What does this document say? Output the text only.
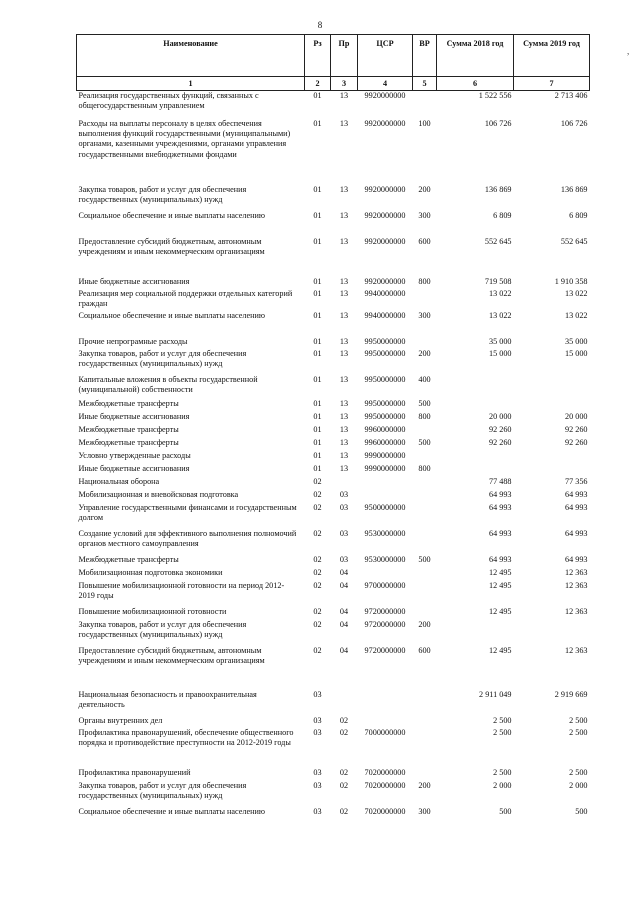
8
,
Наименование	Рз	Пр	ЦСР	ВР	Сумма 2018 год	Сумма 2019 год
1	2	3	4	5	6	7
Реализация государственных функций, связанных с общегосударственным управлением	01	13	9920000000		1 522 556	2 713 406
Расходы на выплаты персоналу в целях обеспечения выполнения функций государственными (муниципальными) органами, казенными учреждениями, органами управления государственными внебюджетными фондами	01	13	9920000000	100	106 726	106 726
Закупка товаров, работ и услуг для обеспечения государственных (муниципальных) нужд	01	13	9920000000	200	136 869	136 869
Социальное обеспечение и иные выплаты населению	01	13	9920000000	300	6 809	6 809
Предоставление субсидий бюджетным, автономным учреждениям и иным некоммерческим организациям	01	13	9920000000	600	552 645	552 645
Иные бюджетные ассигнования	01	13	9920000000	800	719 508	1 910 358
Реализация мер социальной поддержки отдельных категорий граждан	01	13	9940000000		13 022	13 022
Социальное обеспечение и иные выплаты населению	01	13	9940000000	300	13 022	13 022
Прочие непрограмные расходы	01	13	9950000000		35 000	35 000
Закупка товаров, работ и услуг для обеспечения государственных (муниципальных) нужд	01	13	9950000000	200	15 000	15 000
Капитальные вложения в объекты государственной (муниципальной) собственности	01	13	9950000000	400		
Межбюджетные трансферты	01	13	9950000000	500		
Иные бюджетные ассигнования	01	13	9950000000	800	20 000	20 000
Межбюджетные трансферты	01	13	9960000000		92 260	92 260
Межбюджетные трансферты	01	13	9960000000	500	92 260	92 260
Условно утвержденные расходы	01	13	9990000000			
Иные бюджетные ассигнования	01	13	9990000000	800		
Национальная оборона	02				77 488	77 356
Мобилизационная и вневойсковая подготовка	02	03			64 993	64 993
Управление государственными финансами и государственным долгом	02	03	9500000000		64 993	64 993
Создание условий для эффективного выполнения полномочий органов местного самоуправления	02	03	9530000000		64 993	64 993
Межбюджетные трансферты	02	03	9530000000	500	64 993	64 993
Мобилизационная подготовка экономики	02	04			12 495	12 363
Повышение мобилизационной готовности на период 2012-2019 годы	02	04	9700000000		12 495	12 363
Повышение мобилизационной готовности	02	04	9720000000		12 495	12 363
Закупка товаров, работ и услуг для обеспечения государственных (муниципальных) нужд	02	04	9720000000	200		
Предоставление субсидий бюджетным, автономным учреждениям и иным некоммерческим организациям	02	04	9720000000	600	12 495	12 363
Национальная безопасность и правоохранительная деятельность	03				2 911 049	2 919 669
Органы внутренних дел	03	02			2 500	2 500
Профилактика правонарушений, обеспечение общественного порядка и противодействие преступности на 2012-2019 годы	03	02	7000000000		2 500	2 500
Профилактика правонарушений	03	02	7020000000		2 500	2 500
Закупка товаров, работ и услуг для обеспечения государственных (муниципальных) нужд	03	02	7020000000	200	2 000	2 000
Социальное обеспечение и иные выплаты населению	03	02	7020000000	300	500	500
